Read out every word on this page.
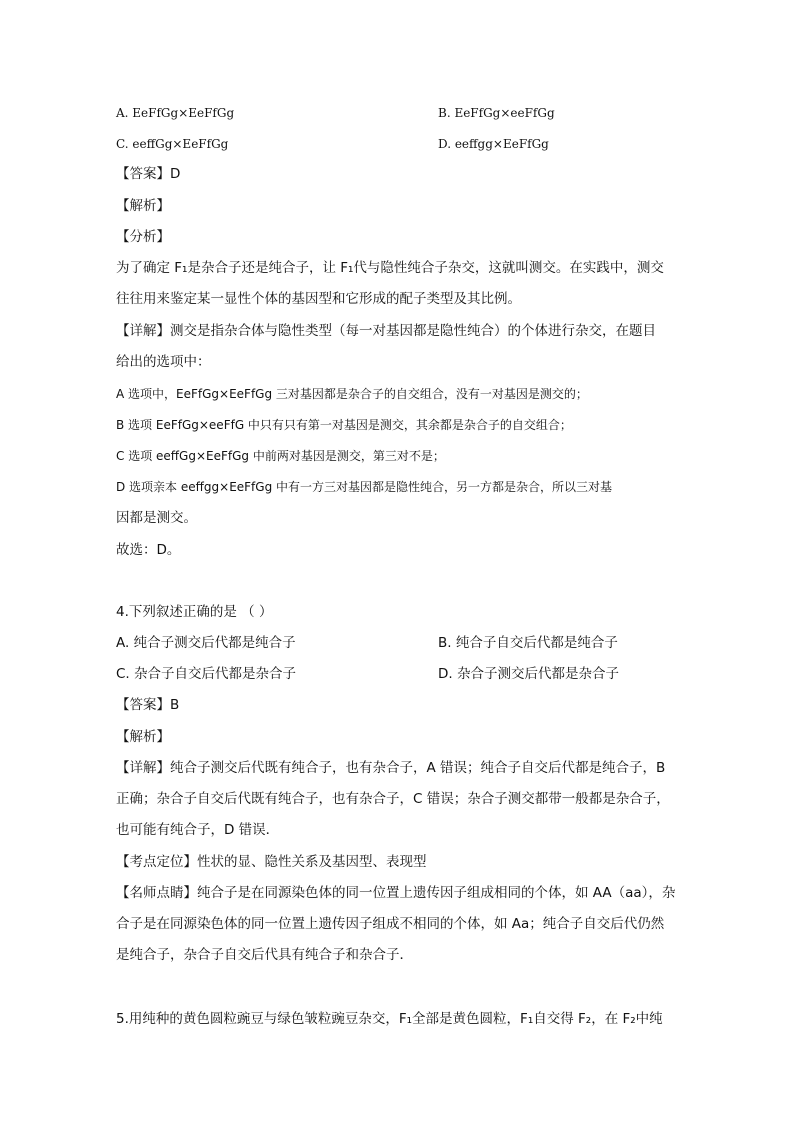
A. EeFfGg×EeFfGg	B. EeFfGg×eeFfGg
C. eeffGg×EeFfGg	D. eeffgg×EeFfGg
【答案】D
【解析】
【分析】
为了确定 F₁是杂合子还是纯合子，让 F₁代与隐性纯合子杂交，这就叫测交。在实践中，测交
往往用来鉴定某一显性个体的基因型和它形成的配子类型及其比例。
【详解】测交是指杂合体与隐性类型（每一对基因都是隐性纯合）的个体进行杂交，在题目
给出的选项中：
A 选项中，EeFfGg×EeFfGg 三对基因都是杂合子的自交组合，没有一对基因是测交的；
B 选项 EeFfGg×eeFfG 中只有只有第一对基因是测交，其余都是杂合子的自交组合；
C 选项 eeffGg×EeFfGg 中前两对基因是测交，第三对不是；
D 选项亲本 eeffgg×EeFfGg 中有一方三对基因都是隐性纯合，另一方都是杂合，所以三对基
因都是测交。
故选：D。
4.下列叙述正确的是 （ ）
A. 纯合子测交后代都是纯合子	B. 纯合子自交后代都是纯合子
C. 杂合子自交后代都是杂合子	D. 杂合子测交后代都是杂合子
【答案】B
【解析】
【详解】纯合子测交后代既有纯合子，也有杂合子，A 错误；纯合子自交后代都是纯合子，B
正确；杂合子自交后代既有纯合子，也有杂合子，C 错误；杂合子测交都带一般都是杂合子，
也可能有纯合子，D 错误．
【考点定位】性状的显、隐性关系及基因型、表现型
【名师点睛】纯合子是在同源染色体的同一位置上遗传因子组成相同的个体，如 AA（aa），杂
合子是在同源染色体的同一位置上遗传因子组成不相同的个体，如 Aa；纯合子自交后代仍然
是纯合子，杂合子自交后代具有纯合子和杂合子．
5.用纯种的黄色圆粒豌豆与绿色皱粒豌豆杂交，F₁全部是黄色圆粒，F₁自交得 F₂，在 F₂中纯
